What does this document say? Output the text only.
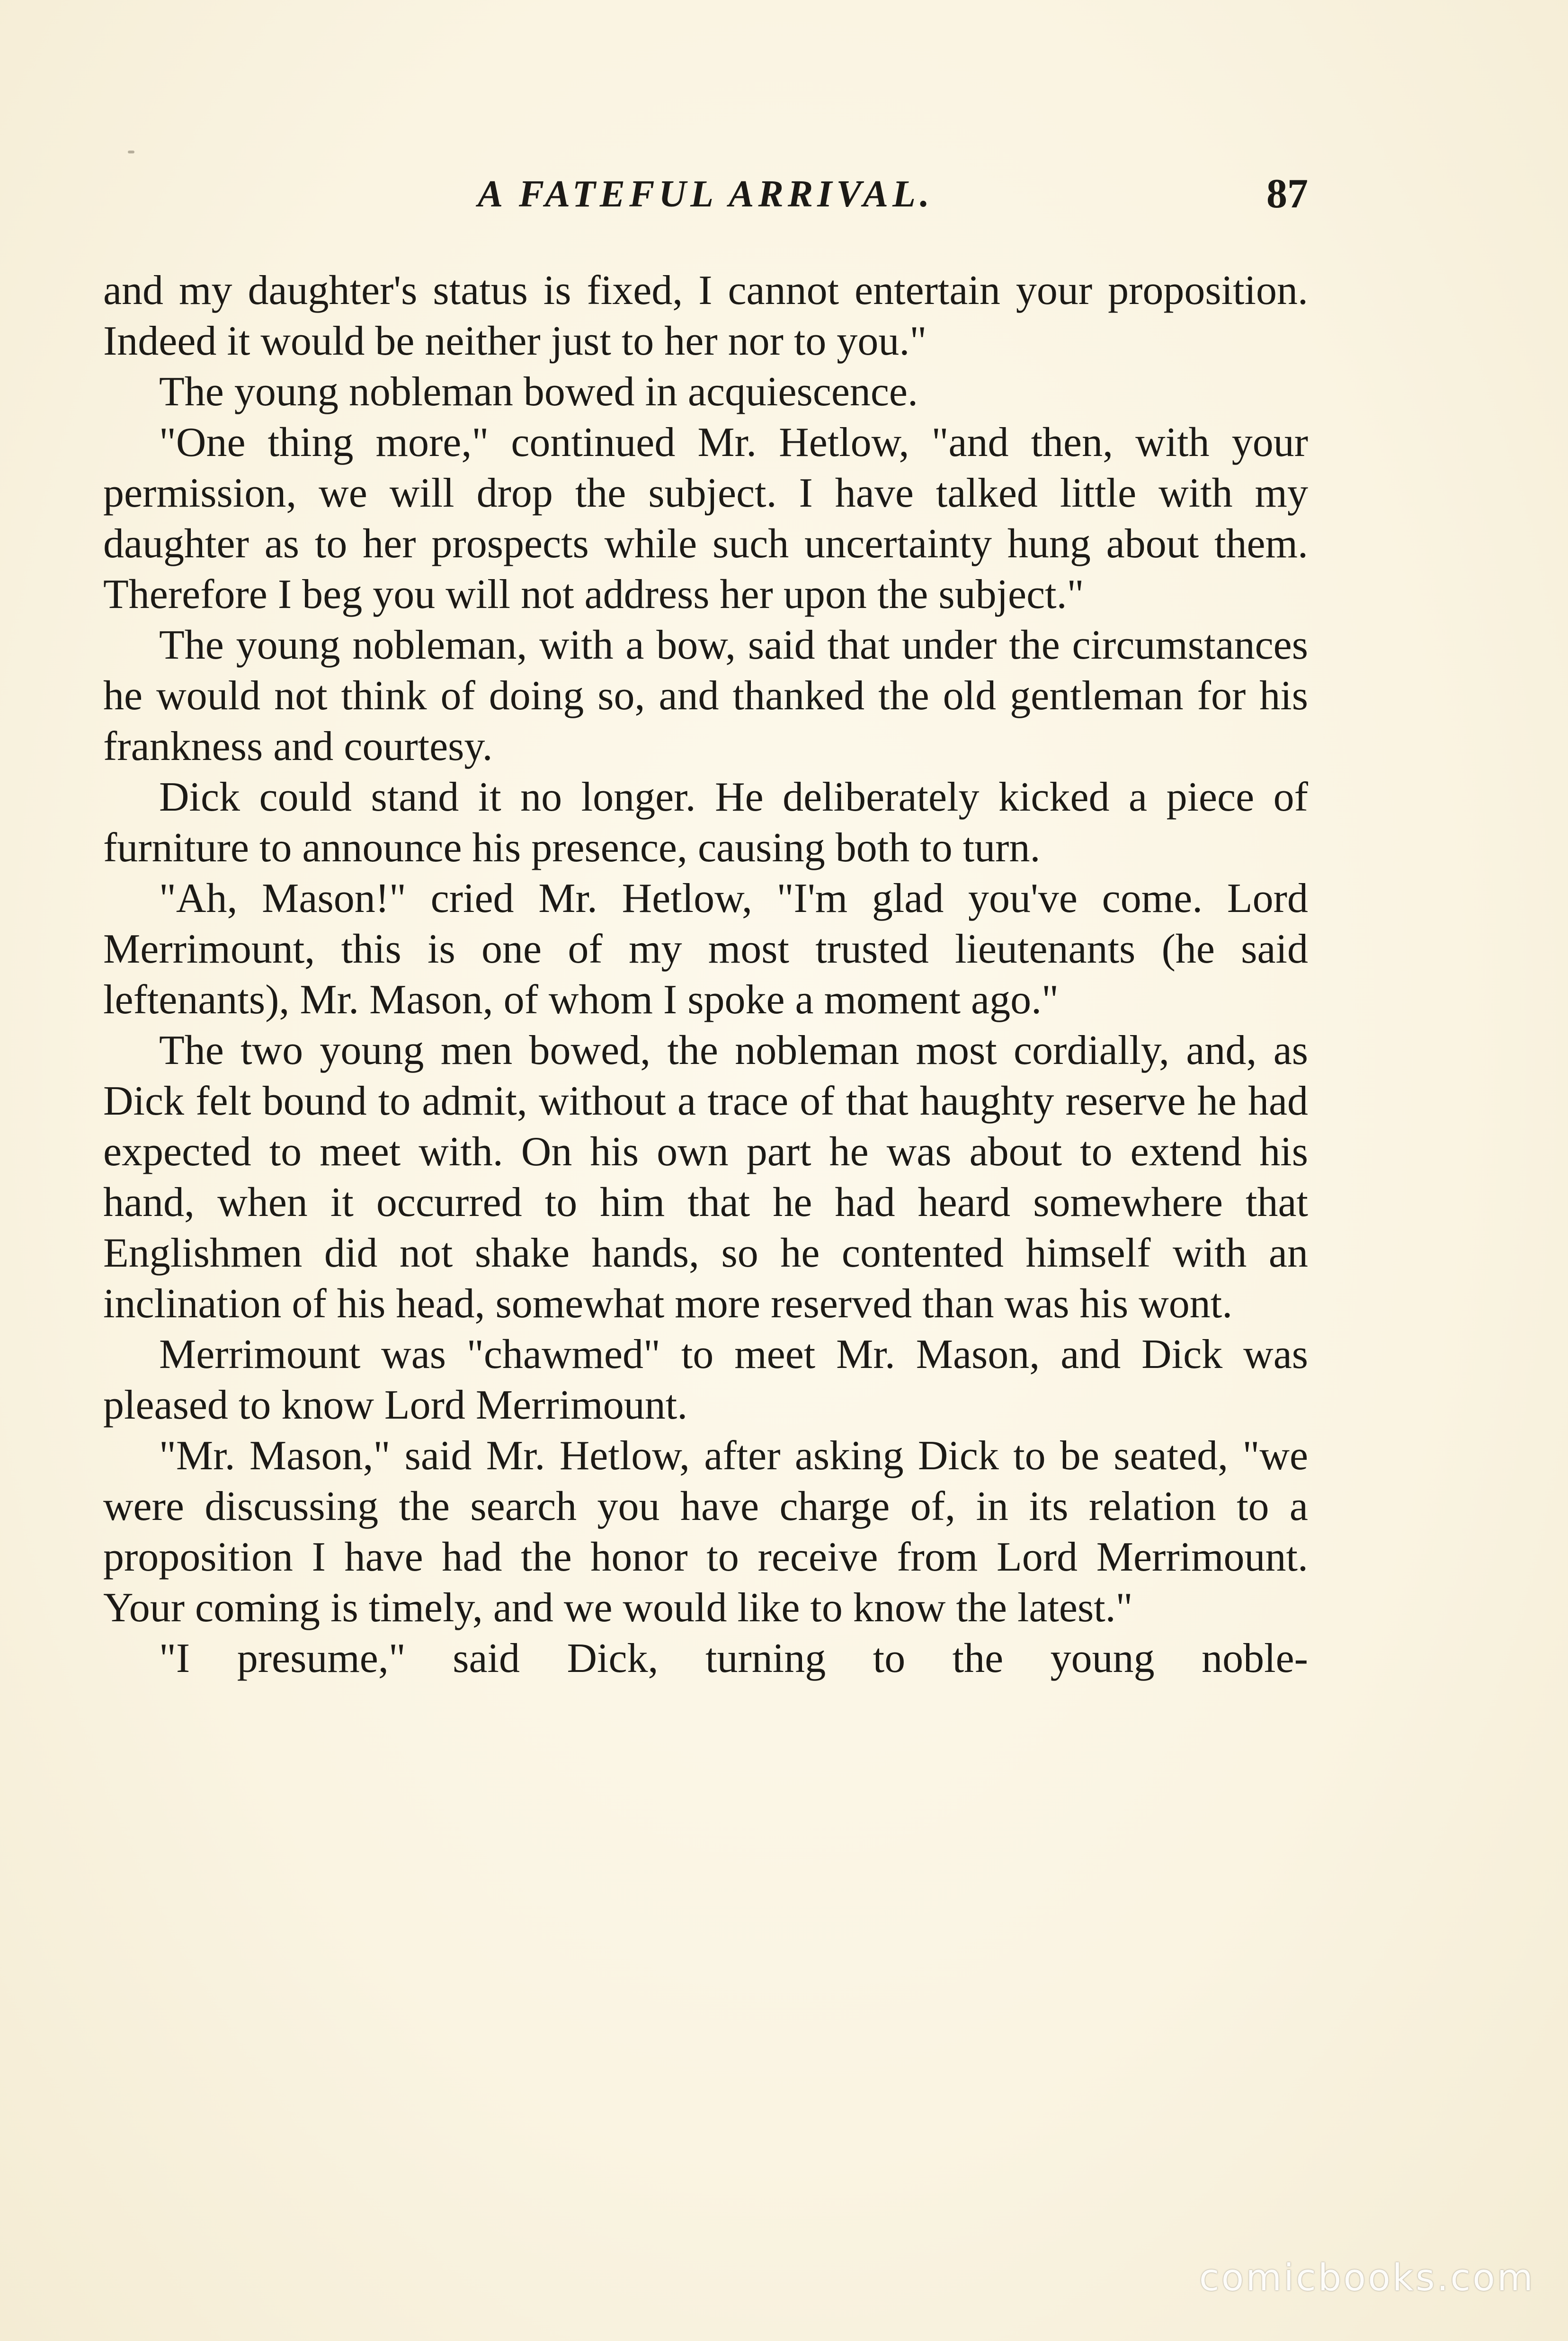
A FATEFUL ARRIVAL.	87

and my daughter's status is fixed, I cannot entertain your proposition. Indeed it would be neither just to her nor to you."

The young nobleman bowed in acquiescence.

"One thing more," continued Mr. Hetlow, "and then, with your permission, we will drop the subject. I have talked little with my daughter as to her prospects while such uncertainty hung about them. Therefore I beg you will not address her upon the subject."

The young nobleman, with a bow, said that under the circumstances he would not think of doing so, and thanked the old gentleman for his frankness and courtesy.

Dick could stand it no longer. He deliberately kicked a piece of furniture to announce his presence, causing both to turn.

"Ah, Mason!" cried Mr. Hetlow, "I'm glad you've come. Lord Merrimount, this is one of my most trusted lieutenants (he said leftenants), Mr. Mason, of whom I spoke a moment ago."

The two young men bowed, the nobleman most cordially, and, as Dick felt bound to admit, without a trace of that haughty reserve he had expected to meet with. On his own part he was about to extend his hand, when it occurred to him that he had heard somewhere that Englishmen did not shake hands, so he contented himself with an inclination of his head, somewhat more reserved than was his wont.

Merrimount was "chawmed" to meet Mr. Mason, and Dick was pleased to know Lord Merrimount.

"Mr. Mason," said Mr. Hetlow, after asking Dick to be seated, "we were discussing the search you have charge of, in its relation to a proposition I have had the honor to receive from Lord Merrimount. Your coming is timely, and we would like to know the latest."

"I presume," said Dick, turning to the young noble-

comicbooks.com
